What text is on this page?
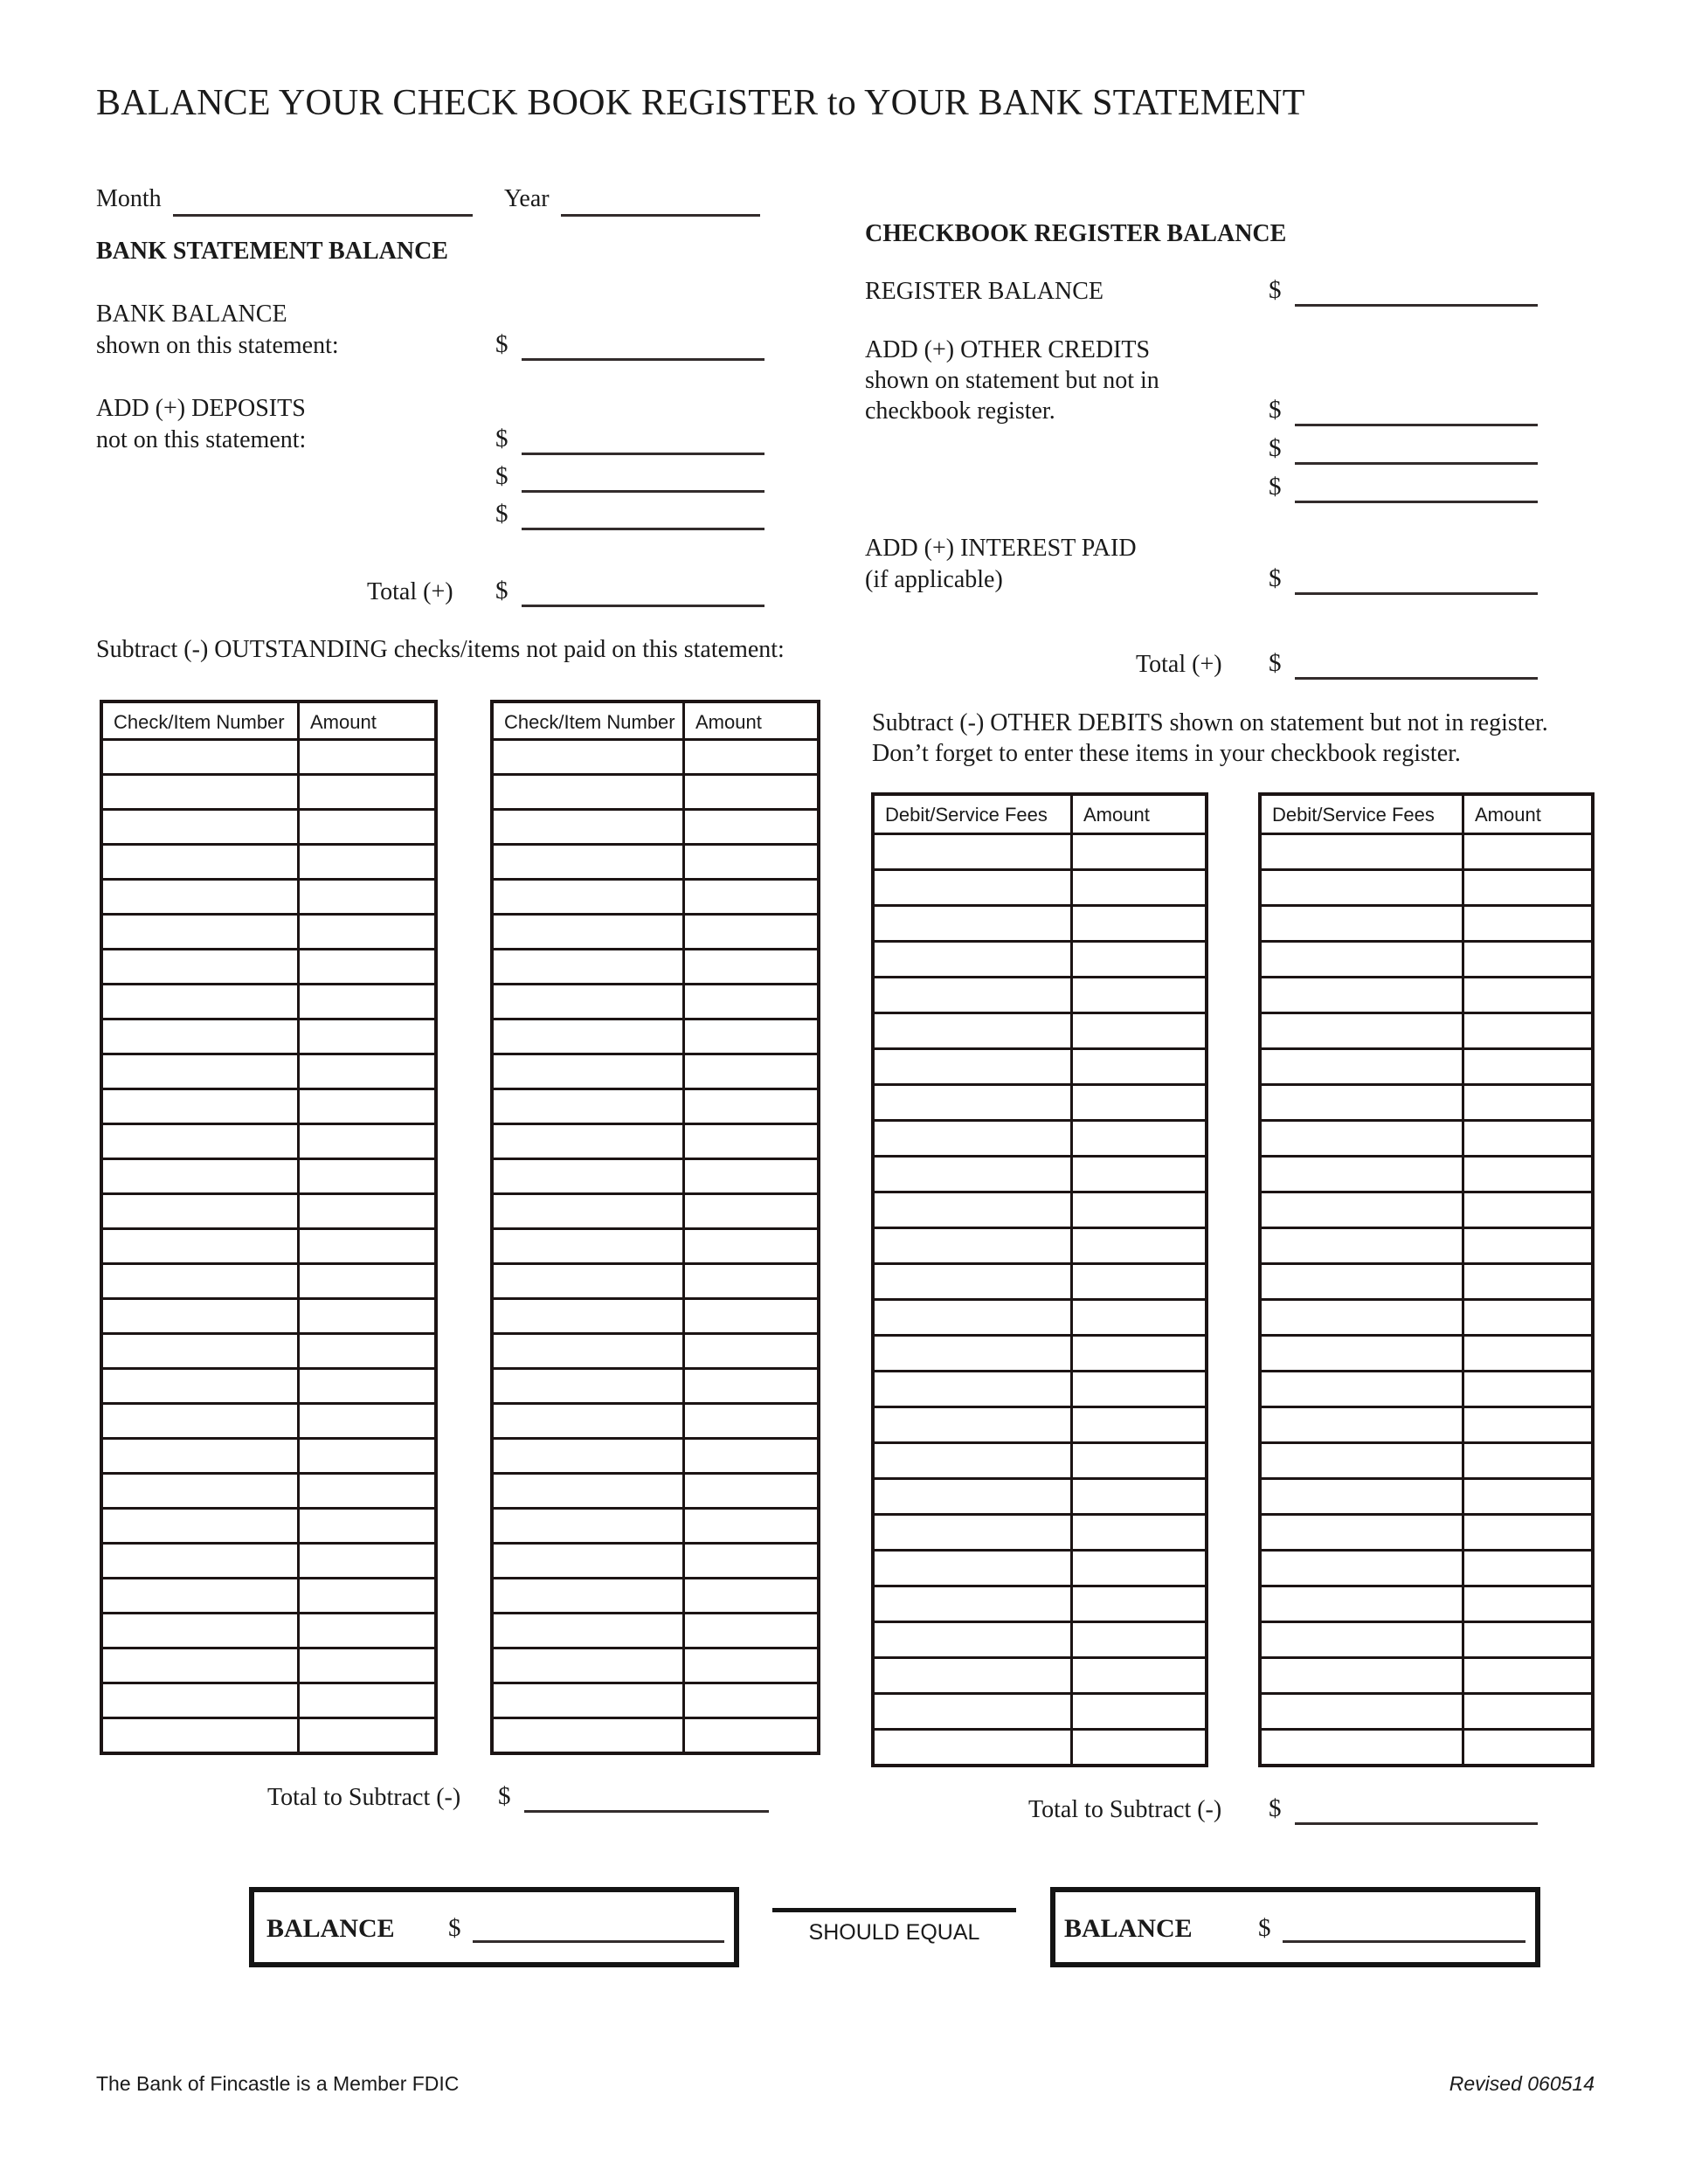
BALANCE YOUR CHECK BOOK REGISTER to YOUR BANK STATEMENT
Month	Year
BANK STATEMENT BALANCE
BANK BALANCE
shown on this statement:	$
ADD (+) DEPOSITS
not on this statement:	$
$
$
Total (+) $
Subtract (-) OUTSTANDING checks/items not paid on this statement:
Check/Item Number	Amount	Check/Item Number	Amount
Total to Subtract (-) $
CHECKBOOK REGISTER BALANCE
REGISTER BALANCE	$
ADD (+) OTHER CREDITS
shown on statement but not in
checkbook register.	$
$
$
ADD (+) INTEREST PAID
(if applicable)	$
Total (+) $
Subtract (-) OTHER DEBITS shown on statement but not in register.
Don’t forget to enter these items in your checkbook register.
Debit/Service Fees	Amount	Debit/Service Fees	Amount
Total to Subtract (-) $
BALANCE $	SHOULD EQUAL	BALANCE	$
The Bank of Fincastle is a Member FDIC	Revised 060514
